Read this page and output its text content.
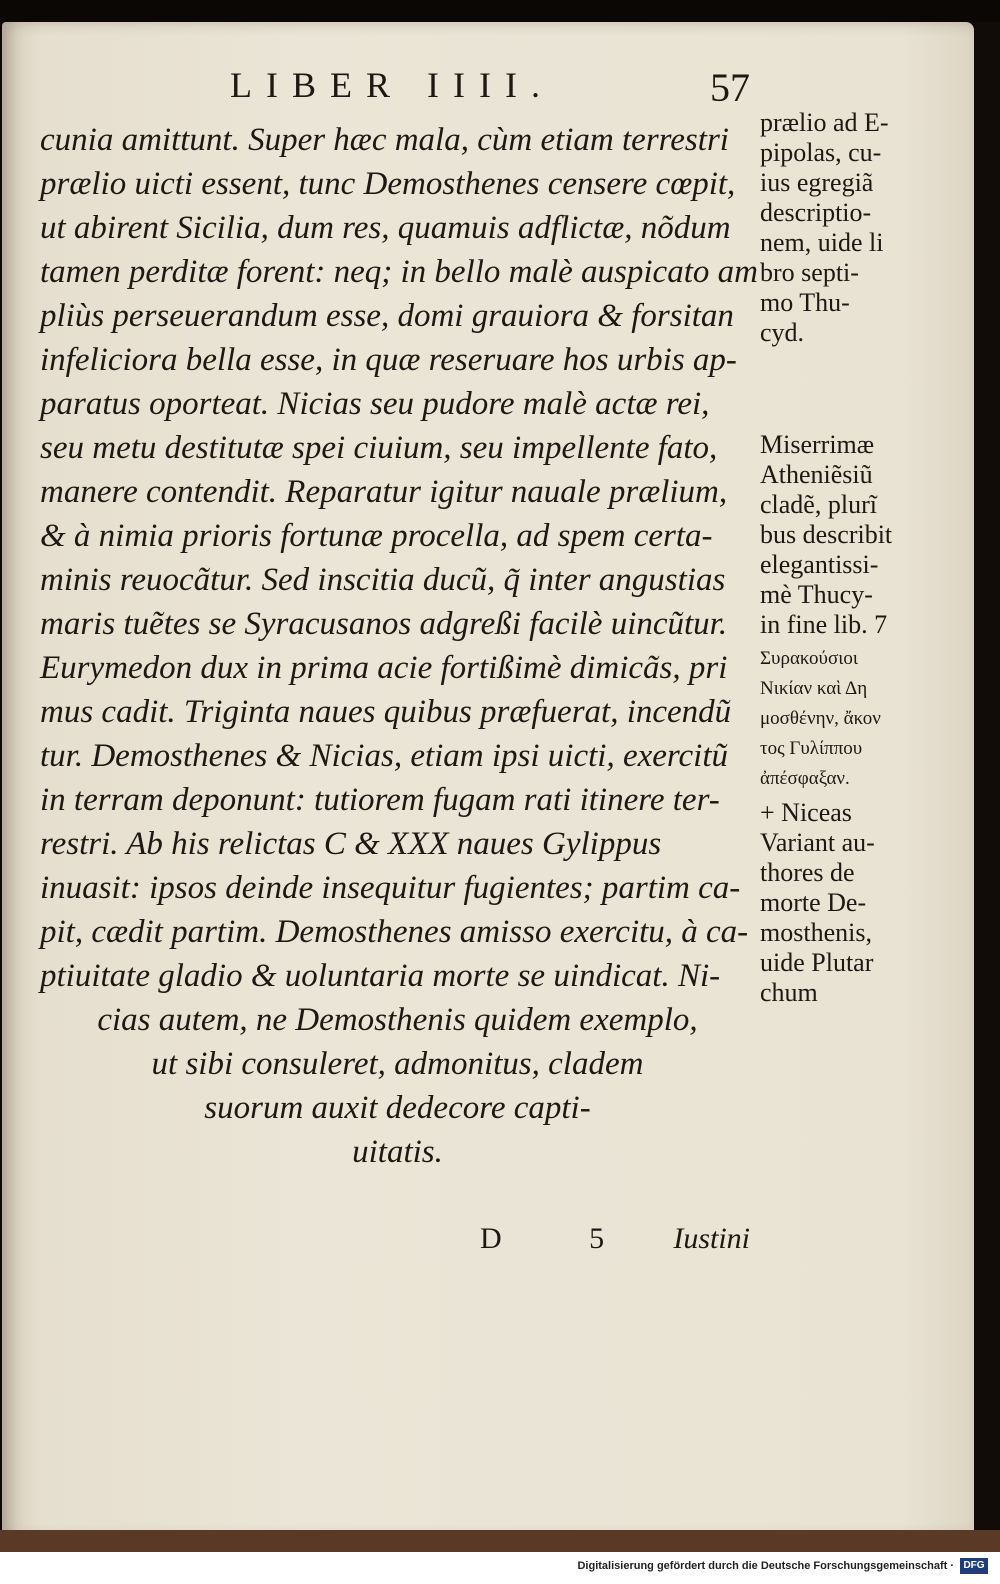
LIBER IIII.	57
cunia amittunt. Super hæc mala, cùm etiam terrestri
prælio uicti essent, tunc Demosthenes censere cœpit,
ut abirent Sicilia, dum res, quamuis adflictæ, nõdum
tamen perditæ forent: neq; in bello malè auspicato am
pliùs perseuerandum esse, domi grauiora & forsitan
infeliciora bella esse, in quæ reseruare hos urbis ap-
paratus oporteat. Nicias seu pudore malè actæ rei,
seu metu destitutæ spei ciuium, seu impellente fato,
manere contendit. Reparatur igitur nauale prælium,
& à nimia prioris fortunæ procella, ad spem certa-
minis reuocãtur. Sed inscitia ducũ, q̃ inter angustias
maris tuẽtes se Syracusanos adgreßi facilè uincũtur.
Eurymedon dux in prima acie fortißimè dimicãs, pri
mus cadit. Triginta naues quibus præfuerat, incendũ
tur. Demosthenes & Nicias, etiam ipsi uicti, exercitũ
in terram deponunt: tutiorem fugam rati itinere ter-
restri. Ab his relictas C & XXX naues Gylippus
inuasit: ipsos deinde insequitur fugientes; partim ca-
pit, cædit partim. Demosthenes amisso exercitu, à ca-
ptiuitate gladio & uoluntaria morte se uindicat. Ni-
cias autem, ne Demosthenis quidem exemplo,
ut sibi consuleret, admonitus, cladem
suorum auxit dedecore capti-
uitatis.
prælio ad E-
pipolas, cu-
ius egregiã
descriptio-
nem, uide li
bro septi-
mo Thu-
cyd.
Miserrimæ
Atheniẽsiũ
cladẽ, plurĩ
bus describit
elegantissi-
mè Thucy-
in fine lib. 7
Συρακούσιοι
Νικίαν καὶ Δη
μοσθένην, ἄκον
τος Γυλίππου
ἀπέσφαξαν.
+ Niceas
Variant au-
thores de
morte De-
mosthenis,
uide Plutar
chum
D 5 Iustini
Digitalisierung gefördert durch die Deutsche Forschungsgemeinschaft · DFG
